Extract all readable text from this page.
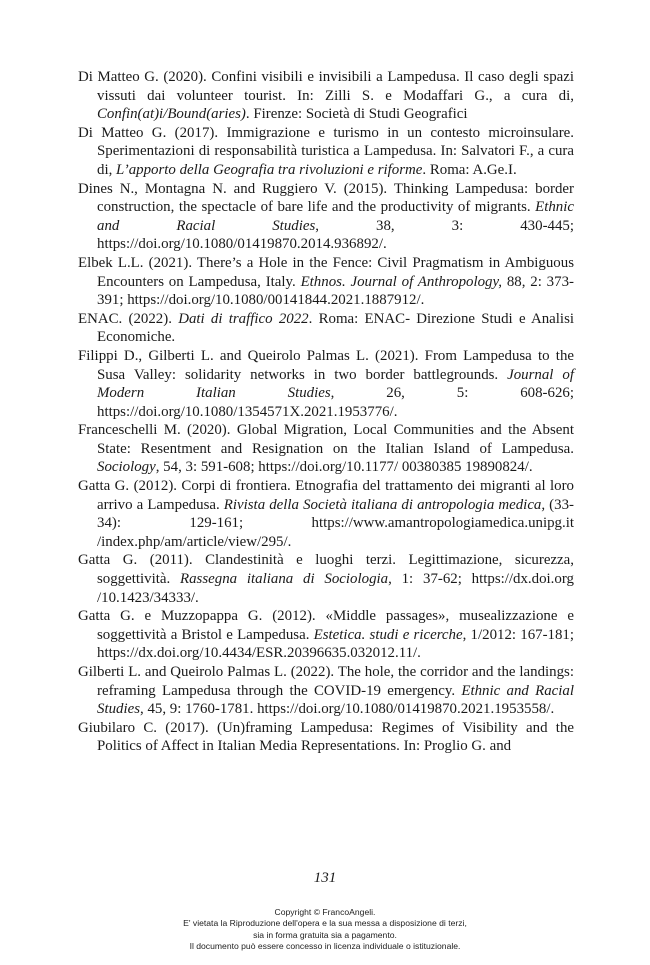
Di Matteo G. (2020). Confini visibili e invisibili a Lampedusa. Il caso degli spazi vissuti dai volunteer tourist. In: Zilli S. e Modaffari G., a cura di, Confin(at)i/Bound(aries). Firenze: Società di Studi Geografici

Di Matteo G. (2017). Immigrazione e turismo in un contesto microinsulare. Sperimentazioni di responsabilità turistica a Lampedusa. In: Salvatori F., a cura di, L’apporto della Geografia tra rivoluzioni e riforme. Roma: A.Ge.I.

Dines N., Montagna N. and Ruggiero V. (2015). Thinking Lampedusa: border construction, the spectacle of bare life and the productivity of migrants. Ethnic and Racial Studies, 38, 3: 430-445; https://doi.org/10.1080/01419870.2014.936892/.

Elbek L.L. (2021). There’s a Hole in the Fence: Civil Pragmatism in Ambiguous Encounters on Lampedusa, Italy. Ethnos. Journal of Anthropology, 88, 2: 373-391; https://doi.org/10.1080/00141844.2021.1887912/.

ENAC. (2022). Dati di traffico 2022. Roma: ENAC- Direzione Studi e Analisi Economiche.

Filippi D., Gilberti L. and Queirolo Palmas L. (2021). From Lampedusa to the Susa Valley: solidarity networks in two border battlegrounds. Journal of Modern Italian Studies, 26, 5: 608-626; https://doi.org/10.1080/1354571X.2021.1953776/.

Franceschelli M. (2020). Global Migration, Local Communities and the Absent State: Resentment and Resignation on the Italian Island of Lampedusa. Sociology, 54, 3: 591-608; https://doi.org/10.1177/ 00380385 19890824/.

Gatta G. (2012). Corpi di frontiera. Etnografia del trattamento dei migranti al loro arrivo a Lampedusa. Rivista della Società italiana di antropologia medica, (33-34): 129-161; https://www.amantropologiamedica.unipg.it /index.php/am/article/view/295/.

Gatta G. (2011). Clandestinità e luoghi terzi. Legittimazione, sicurezza, soggettività. Rassegna italiana di Sociologia, 1: 37-62; https://dx.doi.org /10.1423/34333/.

Gatta G. e Muzzopappa G. (2012). «Middle passages», musealizzazione e soggettività a Bristol e Lampedusa. Estetica. studi e ricerche, 1/2012: 167-181; https://dx.doi.org/10.4434/ESR.20396635.032012.11/.

Gilberti L. and Queirolo Palmas L. (2022). The hole, the corridor and the landings: reframing Lampedusa through the COVID-19 emergency. Ethnic and Racial Studies, 45, 9: 1760-1781. https://doi.org/10.1080/01419870.2021.1953558/.

Giubilaro C. (2017). (Un)framing Lampedusa: Regimes of Visibility and the Politics of Affect in Italian Media Representations. In: Proglio G. and

131
Copyright © FrancoAngeli.
E' vietata la Riproduzione dell'opera e la sua messa a disposizione di terzi,
sia in forma gratuita sia a pagamento.
Il documento può essere concesso in licenza individuale o istituzionale.
